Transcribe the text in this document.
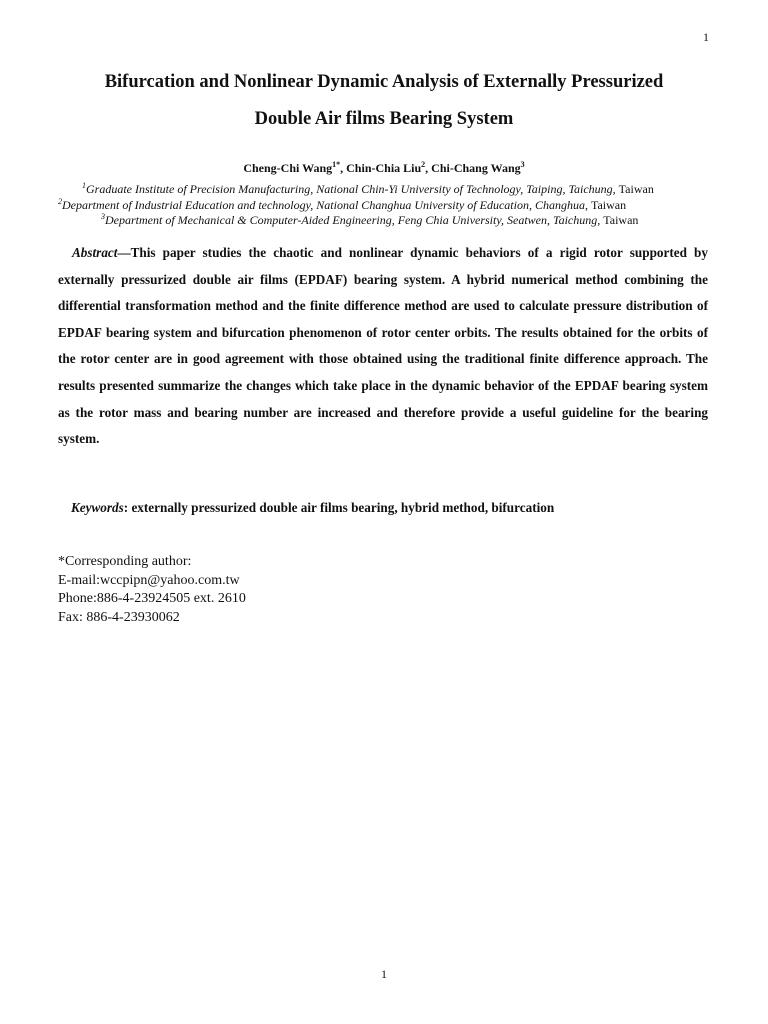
1
Bifurcation and Nonlinear Dynamic Analysis of Externally Pressurized
Double Air films Bearing System
Cheng-Chi Wang$^{1*}$, Chin-Chia Liu$^2$, Chi-Chang Wang$^3$
$^1$Graduate Institute of Precision Manufacturing, National Chin-Yi University of Technology, Taiping, Taichung, Taiwan
$^2$Department of Industrial Education and technology, National Changhua University of Education, Changhua, Taiwan
$^3$Department of Mechanical & Computer-Aided Engineering, Feng Chia University, Seatwen, Taichung, Taiwan
Abstract—This paper studies the chaotic and nonlinear dynamic behaviors of a rigid rotor supported by externally pressurized double air films (EPDAF) bearing system. A hybrid numerical method combining the differential transformation method and the finite difference method are used to calculate pressure distribution of EPDAF bearing system and bifurcation phenomenon of rotor center orbits. The results obtained for the orbits of the rotor center are in good agreement with those obtained using the traditional finite difference approach. The results presented summarize the changes which take place in the dynamic behavior of the EPDAF bearing system as the rotor mass and bearing number are increased and therefore provide a useful guideline for the bearing system.
Keywords: externally pressurized double air films bearing, hybrid method, bifurcation
*Corresponding author:
E-mail:wccpipn@yahoo.com.tw
Phone:886-4-23924505 ext. 2610
Fax: 886-4-23930062
1
